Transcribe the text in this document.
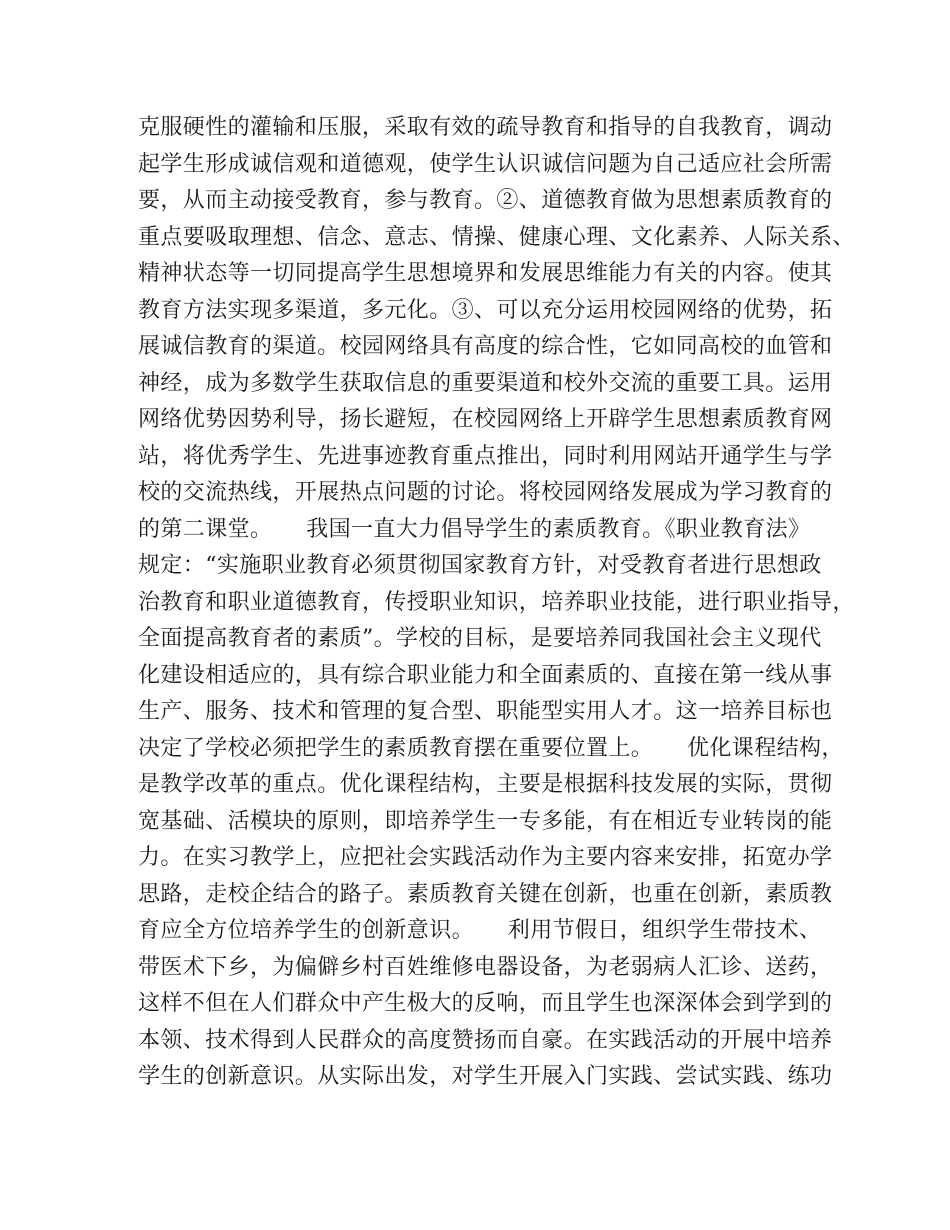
克服硬性的灌输和压服，采取有效的疏导教育和指导的自我教育，调动
起学生形成诚信观和道德观，使学生认识诚信问题为自己适应社会所需
要，从而主动接受教育，参与教育。②、道德教育做为思想素质教育的
重点要吸取理想、信念、意志、情操、健康心理、文化素养、人际关系、
精神状态等一切同提高学生思想境界和发展思维能力有关的内容。使其
教育方法实现多渠道，多元化。③、可以充分运用校园网络的优势，拓
展诚信教育的渠道。校园网络具有高度的综合性，它如同高校的血管和
神经，成为多数学生获取信息的重要渠道和校外交流的重要工具。运用
网络优势因势利导，扬长避短，在校园网络上开辟学生思想素质教育网
站，将优秀学生、先进事迹教育重点推出，同时利用网站开通学生与学
校的交流热线，开展热点问题的讨论。将校园网络发展成为学习教育的
的第二课堂。　　我国一直大力倡导学生的素质教育。《职业教育法》
规定：“实施职业教育必须贯彻国家教育方针，对受教育者进行思想政
治教育和职业道德教育，传授职业知识，培养职业技能，进行职业指导，
全面提高教育者的素质”。学校的目标，是要培养同我国社会主义现代
化建设相适应的，具有综合职业能力和全面素质的、直接在第一线从事
生产、服务、技术和管理的复合型、职能型实用人才。这一培养目标也
决定了学校必须把学生的素质教育摆在重要位置上。　　优化课程结构，
是教学改革的重点。优化课程结构，主要是根据科技发展的实际，贯彻
宽基础、活模块的原则，即培养学生一专多能，有在相近专业转岗的能
力。在实习教学上，应把社会实践活动作为主要内容来安排，拓宽办学
思路，走校企结合的路子。素质教育关键在创新，也重在创新，素质教
育应全方位培养学生的创新意识。　　利用节假日，组织学生带技术、
带医术下乡，为偏僻乡村百姓维修电器设备，为老弱病人汇诊、送药，
这样不但在人们群众中产生极大的反响，而且学生也深深体会到学到的
本领、技术得到人民群众的高度赞扬而自豪。在实践活动的开展中培养
学生的创新意识。从实际出发，对学生开展入门实践、尝试实践、练功
